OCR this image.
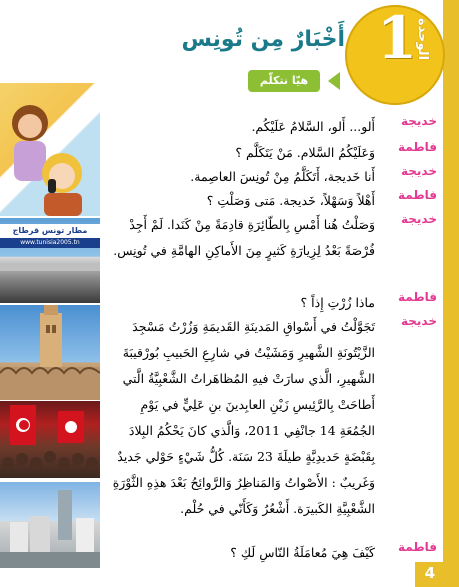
4
1
الوحدة
أَخْبَارٌ مِن تُونِس
هيّا نتكلّم
مطار تونس قرطاج
www.tunisia2005.tn
خديجة
أَلو... أَلو، السَّلامُ عَلَيْكُم.
فاطمة
وَعَلَيْكُمُ السَّلام. مَنْ يَتَكَلَّم ؟
خديجة
أَنا خَديجة، أَتَكَلَّمُ مِنْ تُونِسَ العاصِمة.
فاطمة
أَهْلاً وَسَهْلاً، خَديجة. مَتى وَصَلْتِ ؟
خديجة
وَصَلْتُ هُنا أَمْسِ بِالطّائِرَةِ قادِمَةً مِنْ كَنَدا. لَمْ أَجِدْ فُرْصَةً بَعْدُ لِزِيارَةِ كَثيرٍ مِنَ الأَماكِنِ الهامَّةِ في تُونِس.
فاطمة
ماذا زُرْتِ إِذاً ؟
خديجة
تَجَوَّلْتُ في أَسْواقِ المَدينَةِ القَديمَةِ وَزُرْتُ مَسْجِدَ الزَّيْتُونَةِ الشَّهيرِ وَمَشَيْتُ في شارِعِ الحَبيبِ بُورْقيبَةَ الشَّهيرِ، الَّذي سارَتْ فيهِ المُظاهَراتُ الشَّعْبِيَّةُ الَّتي أَطاحَتْ بِالرَّئِيسِ زَيْنِ العابِدينَ بنِ عَلِيٍّ في يَوْمِ الجُمُعَةِ 14 جانْفِي 2011، وَالَّذي كانَ يَحْكُمُ البِلادَ بِقَبْضَةٍ حَديدِيَّةٍ طيلَةَ 23 سَنَة. كُلُّ شَيْءٍ حَوْلي جَديدٌ وَغَريبٌ : الأَصْواتُ وَالمَناظِرُ وَالرَّوائِحُ بَعْدَ هذِهِ الثَّوْرَةِ الشَّعْبِيَّةِ الكَبيرَة. أَشْعُرُ وَكَأَنّي في حُلْم.
فاطمة
كَيْفَ هِيَ مُعامَلَةُ النّاسِ لَكِ ؟
